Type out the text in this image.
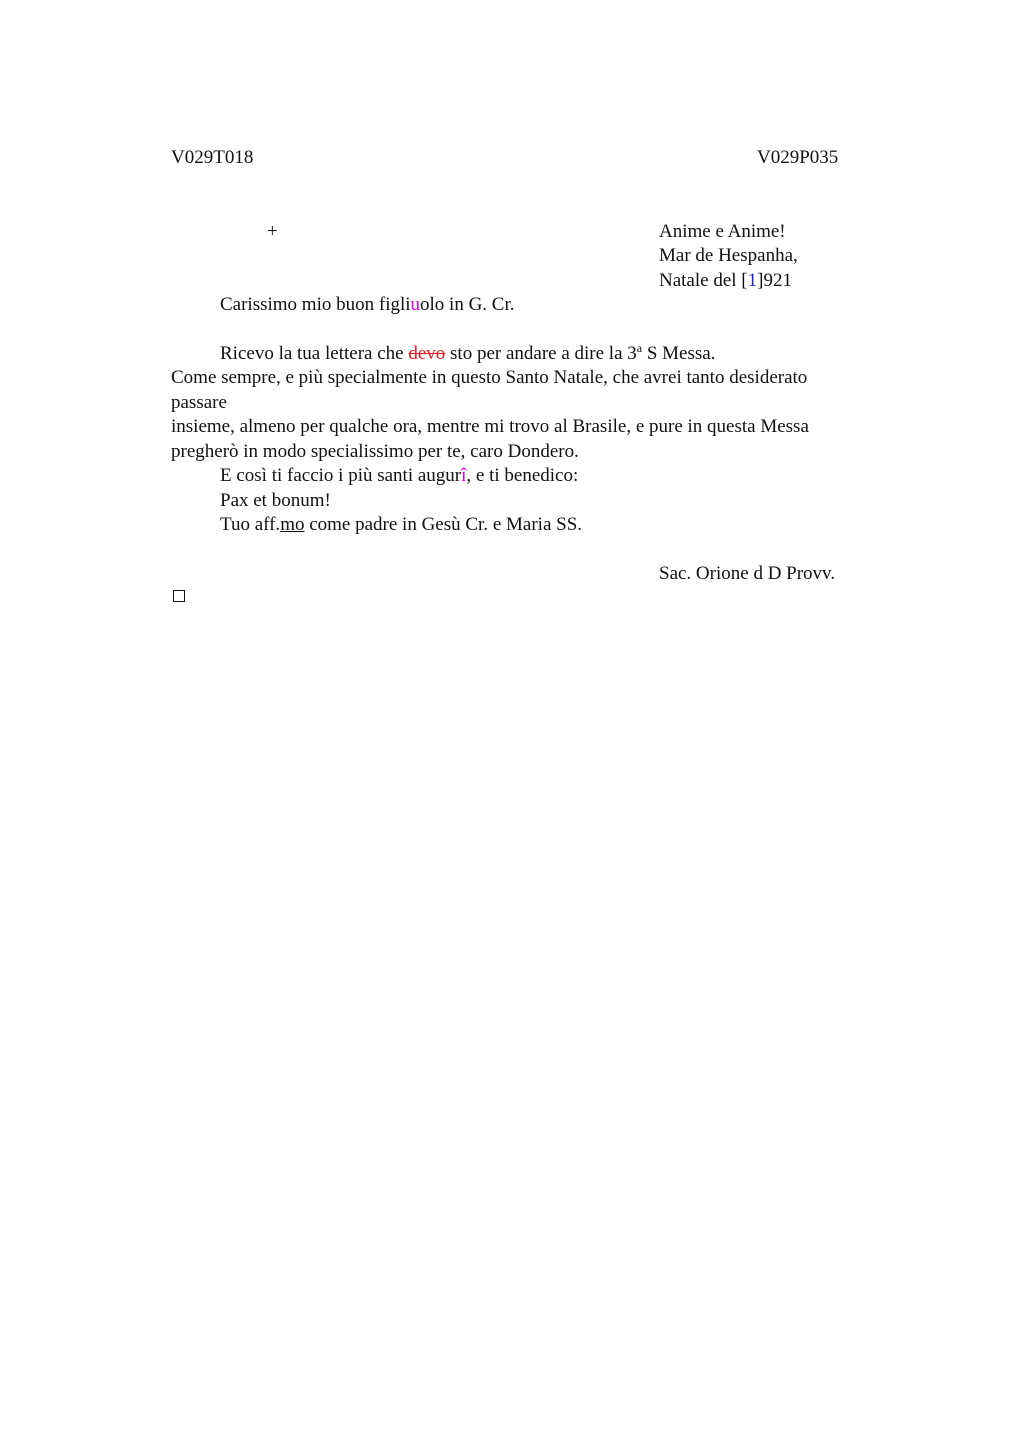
V029T018	V029P035
+	Anime e Anime!
Mar de Hespanha,
Natale del [1]921
Carissimo mio buon figliuolo in G. Cr.
Ricevo la tua lettera che devo sto per andare a dire la 3$^a$ S Messa.
Come sempre, e più specialmente in questo Santo Natale, che avrei tanto desiderato
passare
insieme, almeno per qualche ora, mentre mi trovo al Brasile, e pure in questa Messa
pregherò in modo specialissimo per te, caro Dondero.
E così ti faccio i più santi augurî, e ti benedico:
Pax et bonum!
Tuo aff.mo come padre in Gesù Cr. e Maria SS.
Sac. Orione d D Provv.
